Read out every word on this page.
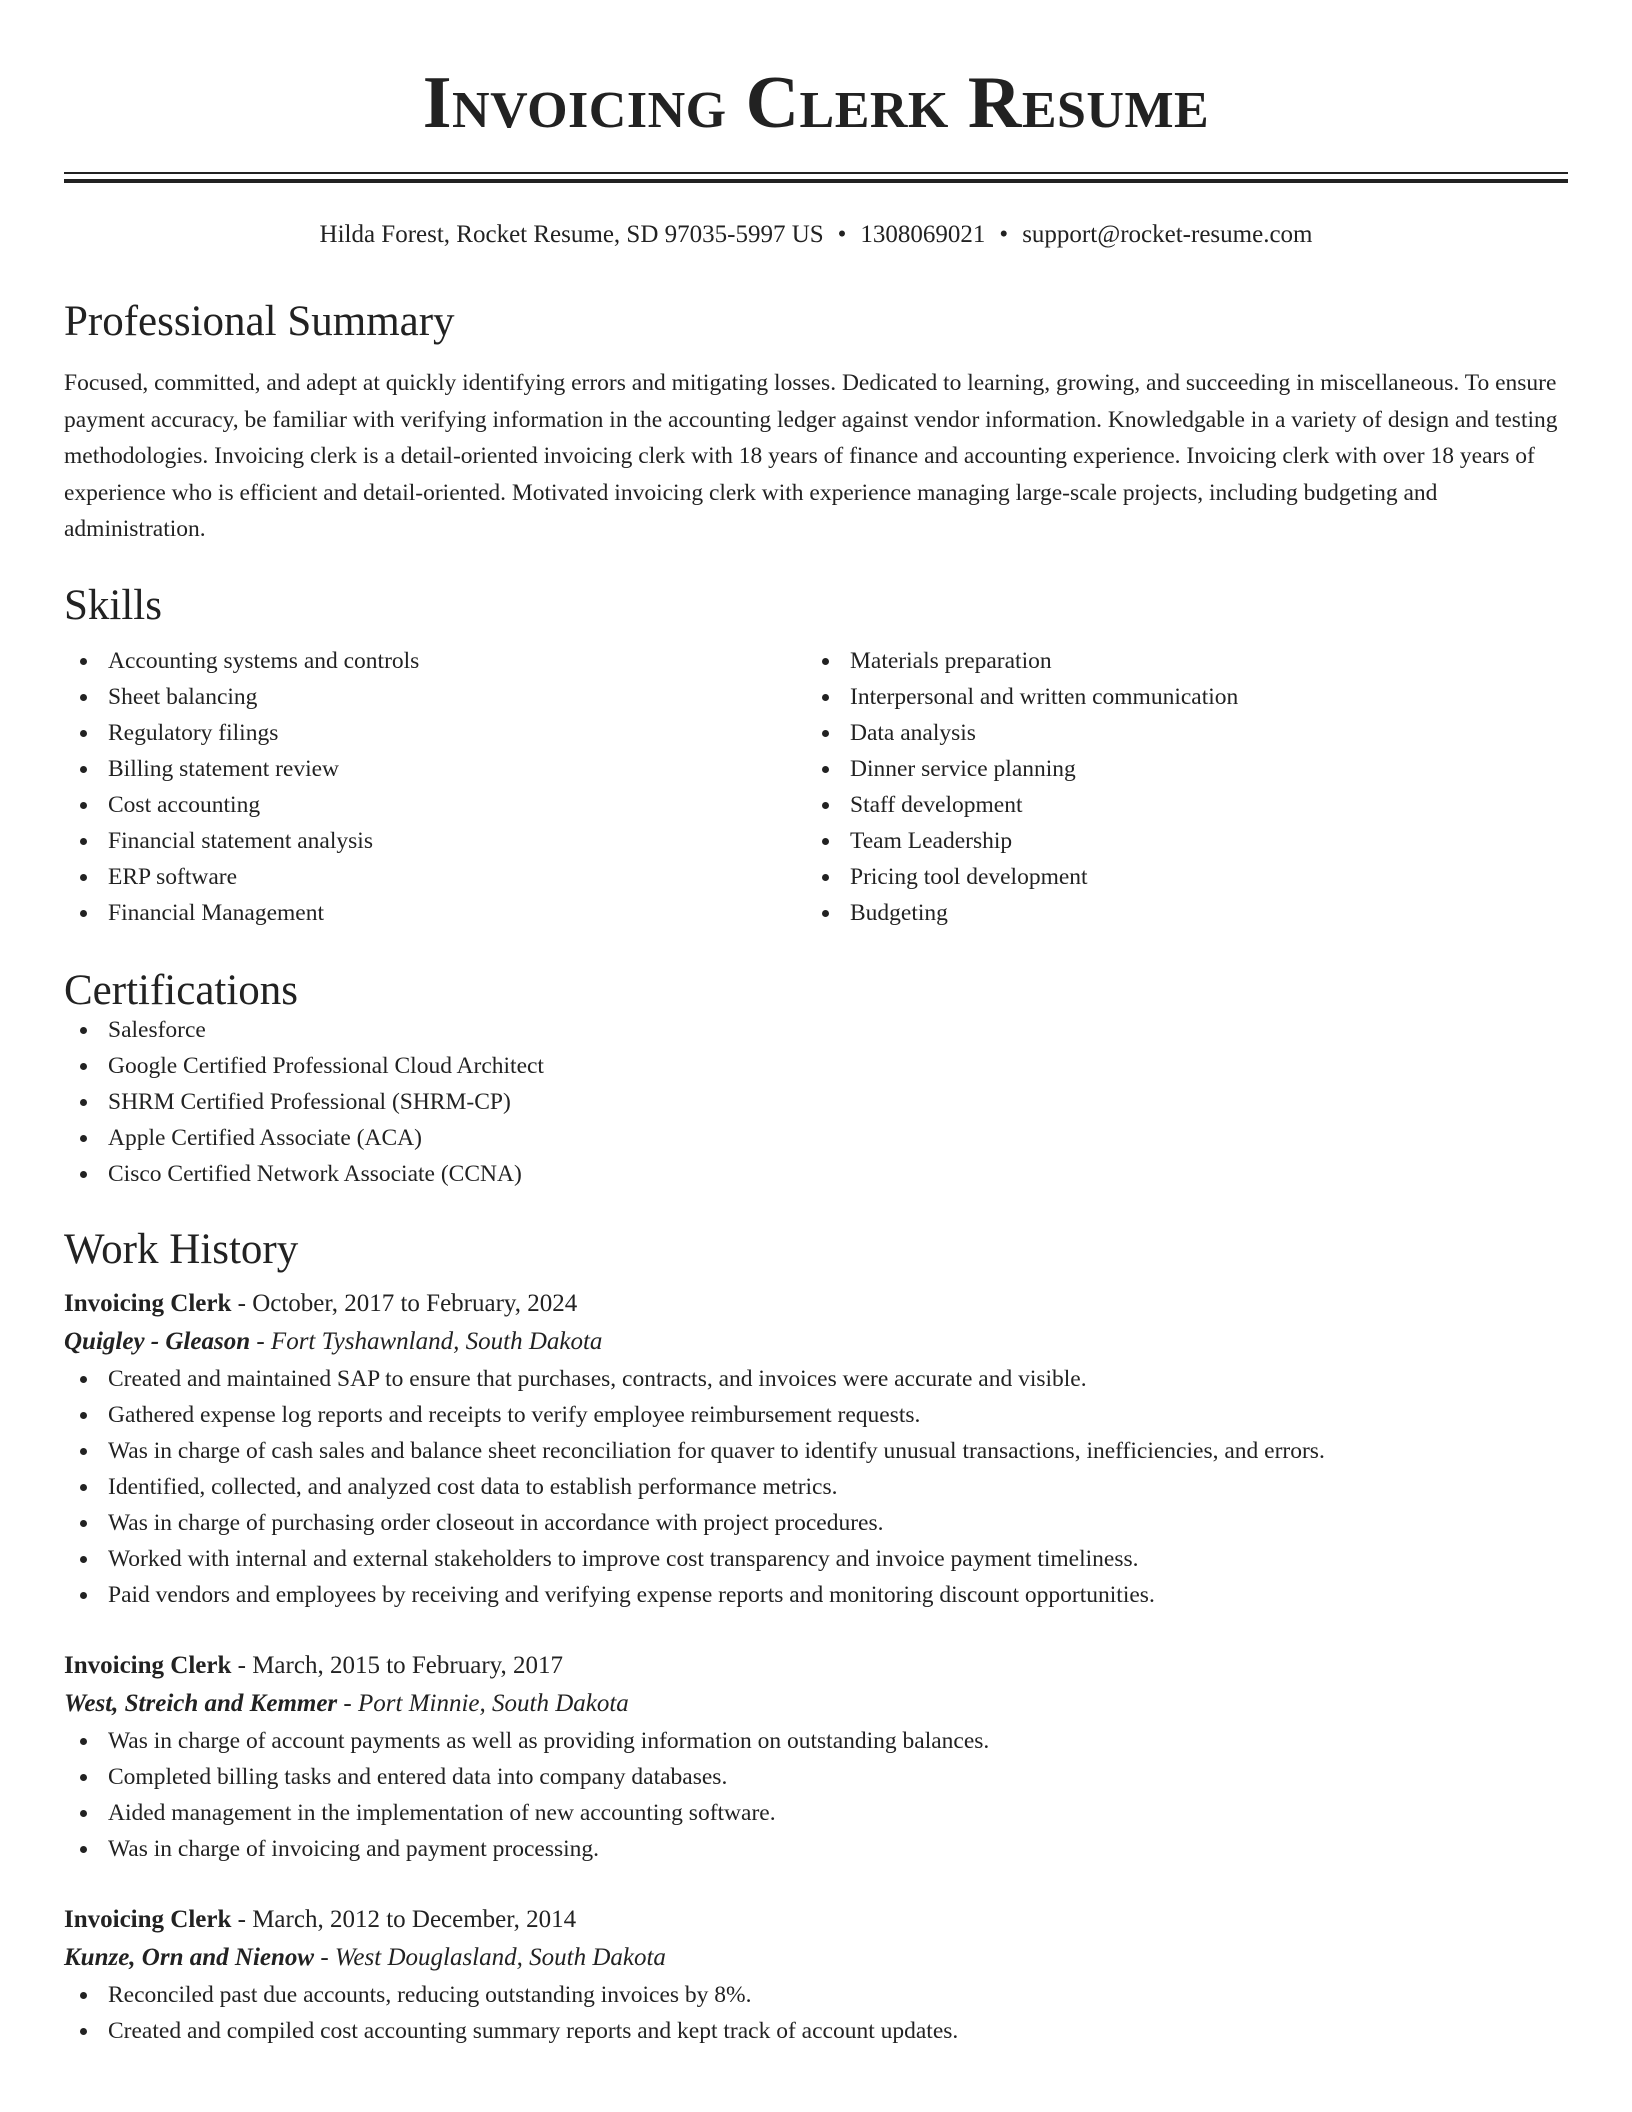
Invoicing Clerk Resume
Hilda Forest, Rocket Resume, SD 97035-5997 US • 1308069021 • support@rocket-resume.com
Professional Summary

Focused, committed, and adept at quickly identifying errors and mitigating losses. Dedicated to learning, growing, and succeeding in miscellaneous. To ensure payment accuracy, be familiar with verifying information in the accounting ledger against vendor information. Knowledgable in a variety of design and testing methodologies. Invoicing clerk is a detail-oriented invoicing clerk with 18 years of finance and accounting experience. Invoicing clerk with over 18 years of experience who is efficient and detail-oriented. Motivated invoicing clerk with experience managing large-scale projects, including budgeting and administration.

Skills
Accounting systems and controls
Sheet balancing
Regulatory filings
Billing statement review
Cost accounting
Financial statement analysis
ERP software
Financial Management
Materials preparation
Interpersonal and written communication
Data analysis
Dinner service planning
Staff development
Team Leadership
Pricing tool development
Budgeting
Certifications
Salesforce
Google Certified Professional Cloud Architect
SHRM Certified Professional (SHRM-CP)
Apple Certified Associate (ACA)
Cisco Certified Network Associate (CCNA)
Work History
Invoicing Clerk - October, 2017 to February, 2024
Quigley - Gleason - Fort Tyshawnland, South Dakota
Created and maintained SAP to ensure that purchases, contracts, and invoices were accurate and visible.
Gathered expense log reports and receipts to verify employee reimbursement requests.
Was in charge of cash sales and balance sheet reconciliation for quaver to identify unusual transactions, inefficiencies, and errors.
Identified, collected, and analyzed cost data to establish performance metrics.
Was in charge of purchasing order closeout in accordance with project procedures.
Worked with internal and external stakeholders to improve cost transparency and invoice payment timeliness.
Paid vendors and employees by receiving and verifying expense reports and monitoring discount opportunities.
Invoicing Clerk - March, 2015 to February, 2017
West, Streich and Kemmer - Port Minnie, South Dakota
Was in charge of account payments as well as providing information on outstanding balances.
Completed billing tasks and entered data into company databases.
Aided management in the implementation of new accounting software.
Was in charge of invoicing and payment processing.
Invoicing Clerk - March, 2012 to December, 2014
Kunze, Orn and Nienow - West Douglasland, South Dakota
Reconciled past due accounts, reducing outstanding invoices by 8%.
Created and compiled cost accounting summary reports and kept track of account updates.
